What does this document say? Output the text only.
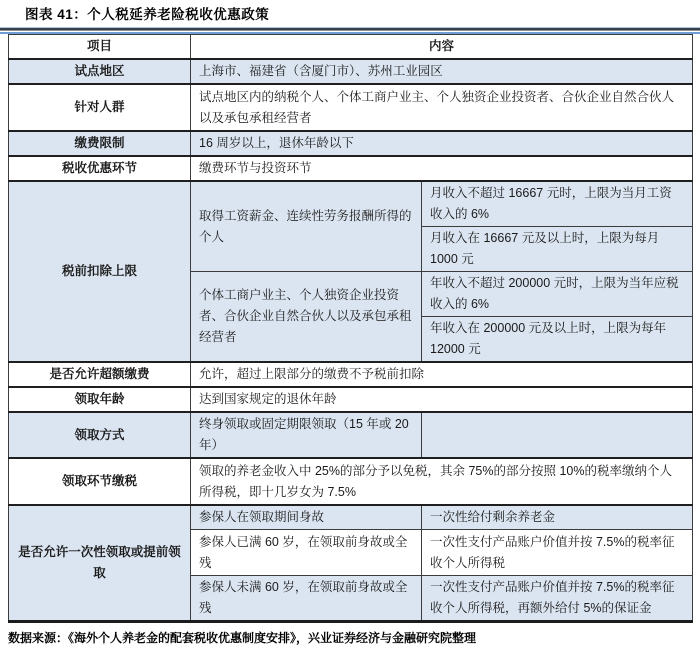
图表 41：个人税延养老险税收优惠政策
项目	内容	
试点地区	上海市、福建省（含厦门市）、苏州工业园区	
针对人群	试点地区内的纳税个人、个体工商户业主、个人独资企业投资者、合伙企业自然合伙人以及承包承租经营者	
缴费限制	16 周岁以上，退休年龄以下	
税收优惠环节	缴费环节与投资环节	
税前扣除上限	取得工资薪金、连续性劳务报酬所得的个人	月收入不超过 16667 元时，上限为当月工资收入的 6%
		月收入在 16667 元及以上时，上限为每月 1000 元
	个体工商户业主、个人独资企业投资者、合伙企业自然合伙人以及承包承租经营者	年收入不超过 200000 元时，上限为当年应税收入的 6%
		年收入在 200000 元及以上时，上限为每年 12000 元
是否允许超额缴费	允许，超过上限部分的缴费不予税前扣除	
领取年龄	达到国家规定的退休年龄	
领取方式	终身领取或固定期限领取（15 年或 20 年）	
领取环节缴税	领取的养老金收入中 25%的部分予以免税，其余 75%的部分按照 10%的税率缴纳个人所得税，即十几岁女为 7.5%	
是否允许一次性领取或提前领取	参保人在领取期间身故	一次性给付剩余养老金
	参保人已满 60 岁，在领取前身故或全残	一次性支付产品账户价值并按 7.5%的税率征收个人所得税
	参保人未满 60 岁，在领取前身故或全残	一次性支付产品账户价值并按 7.5%的税率征收个人所得税，再额外给付 5%的保证金
数据来源：《海外个人养老金的配套税收优惠制度安排》，兴业证券经济与金融研究院整理
